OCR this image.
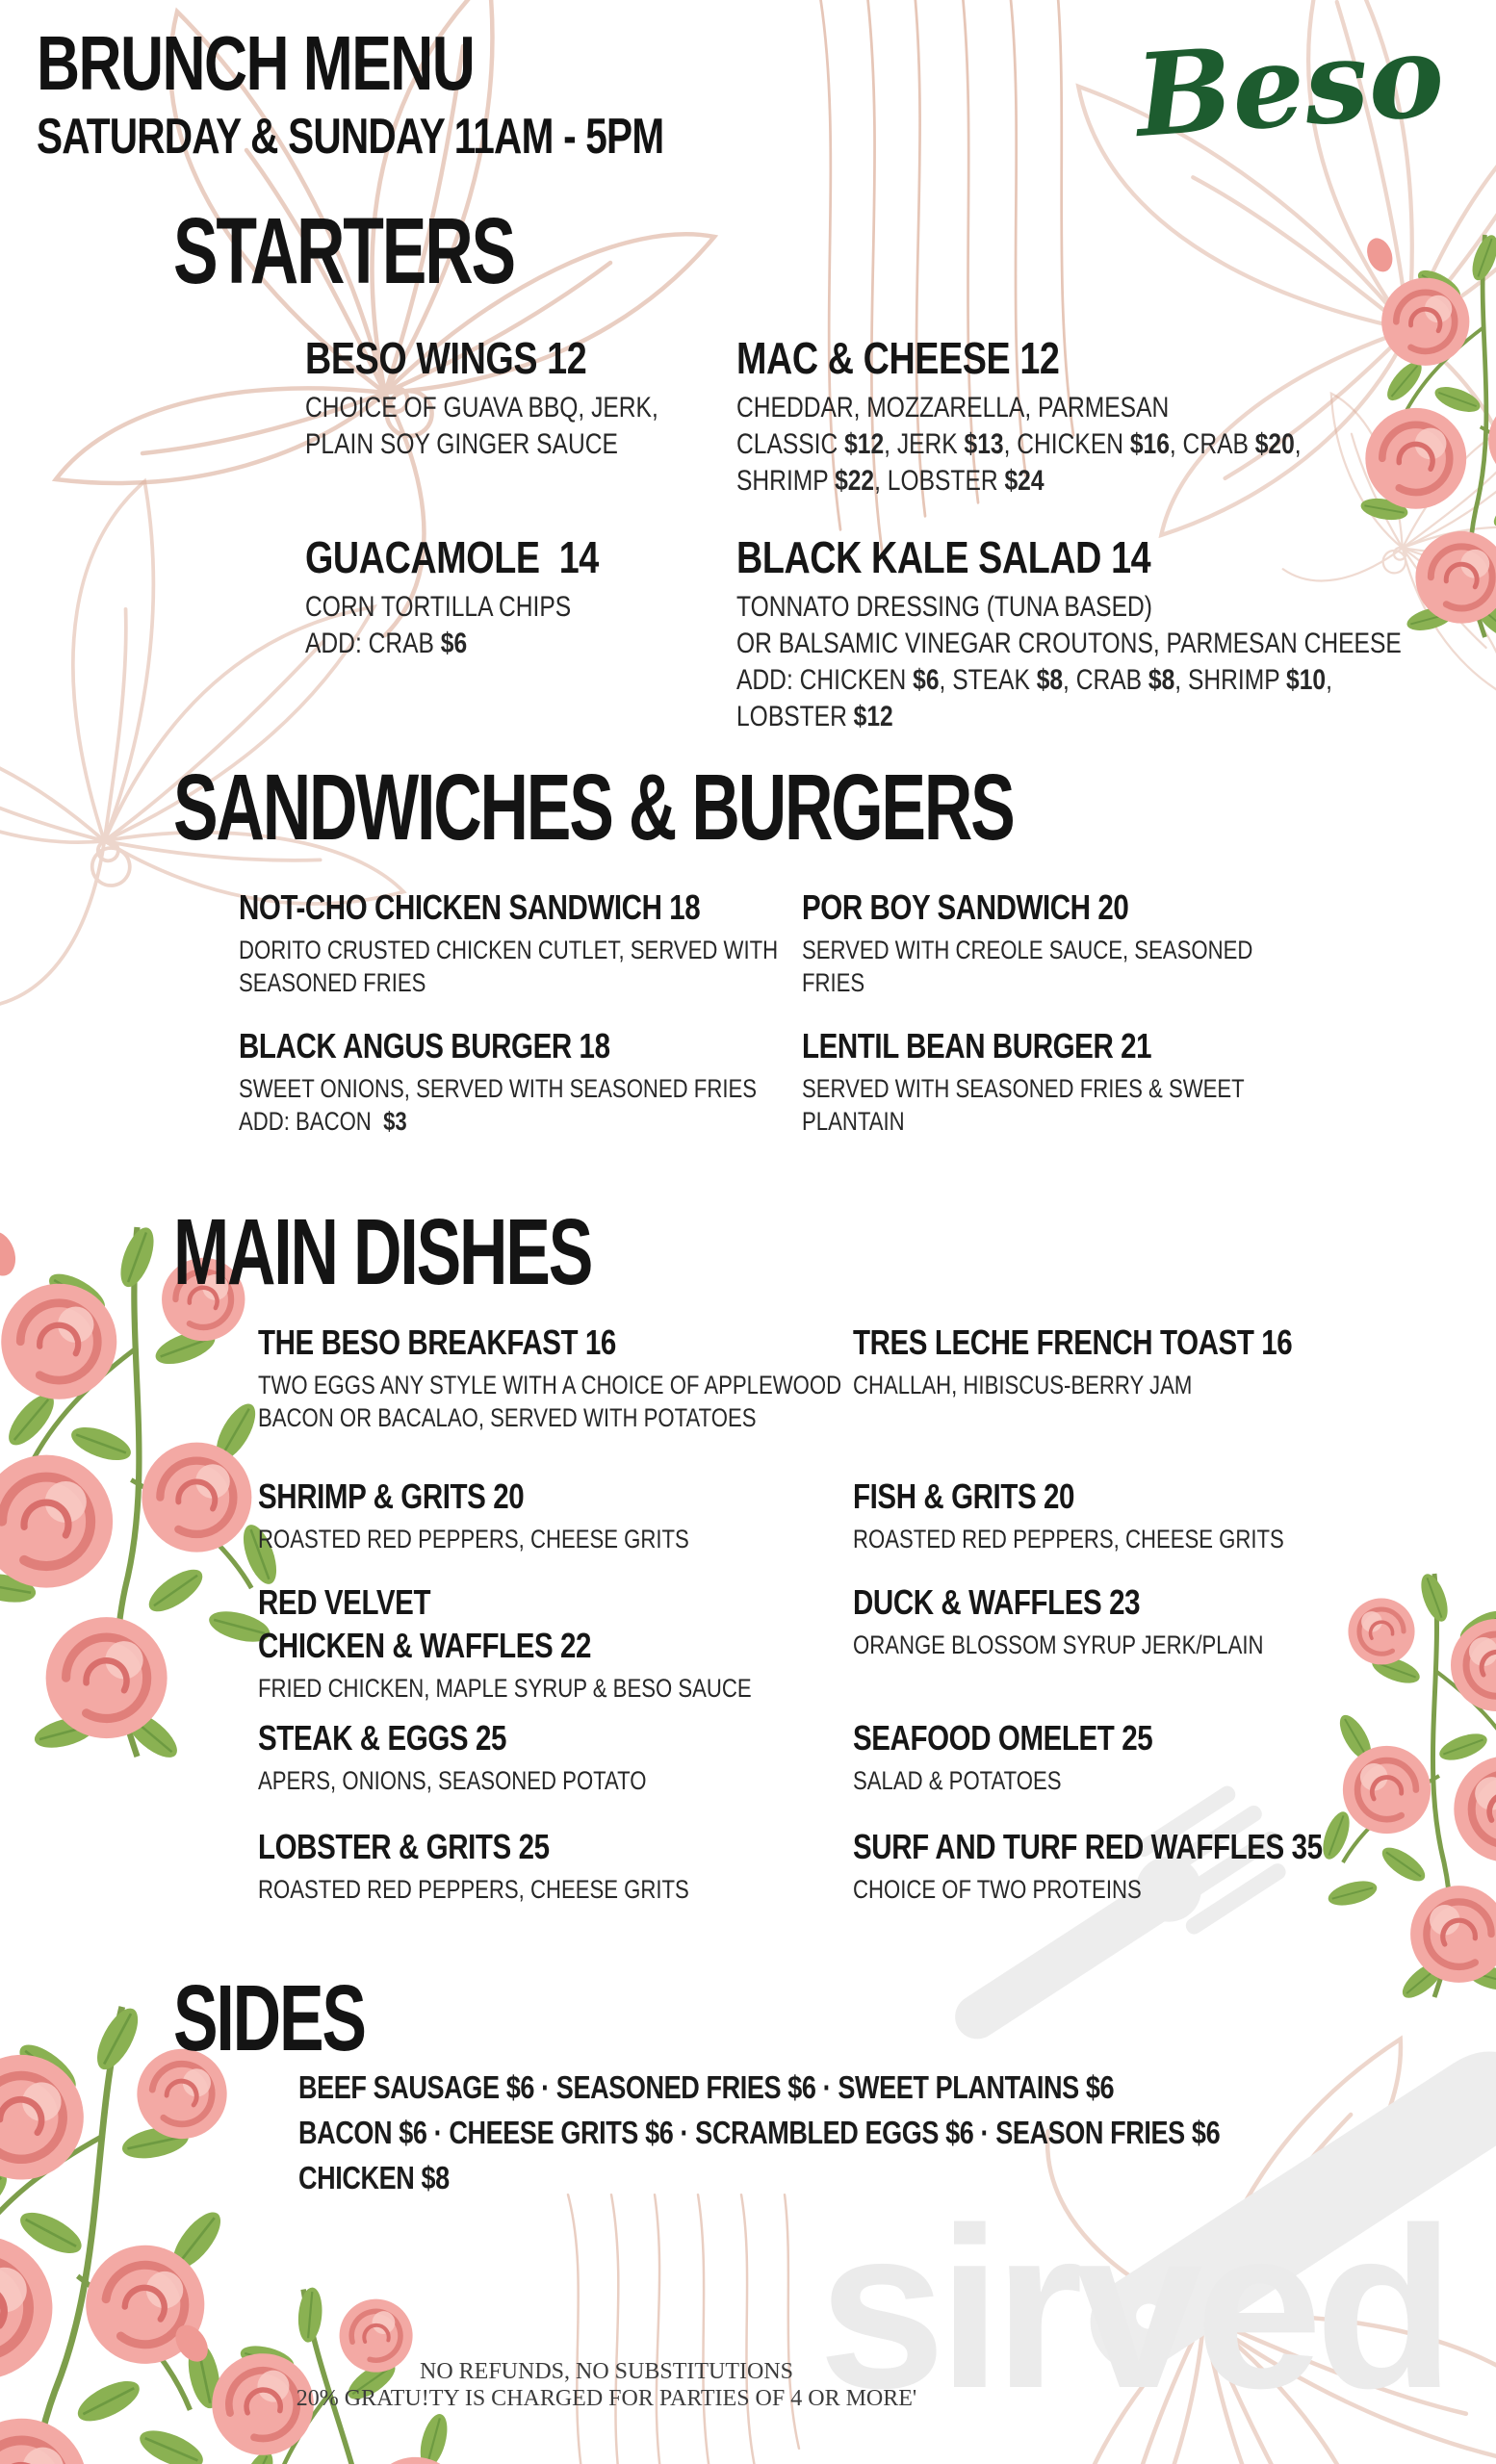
sirved
BRUNCH MENU
SATURDAY & SUNDAY 11AM - 5PM	Beso
STARTERS
BESO WINGS 12
CHOICE OF GUAVA BBQ, JERK,
PLAIN SOY GINGER SAUCE
MAC & CHEESE 12
CHEDDAR, MOZZARELLA, PARMESAN
CLASSIC $12, JERK $13, CHICKEN $16, CRAB $20,
SHRIMP $22, LOBSTER $24
GUACAMOLE  14
CORN TORTILLA CHIPS
ADD: CRAB $6
BLACK KALE SALAD 14
TONNATO DRESSING (TUNA BASED)
OR BALSAMIC VINEGAR CROUTONS, PARMESAN CHEESE
ADD: CHICKEN $6, STEAK $8, CRAB $8, SHRIMP $10,
LOBSTER $12
SANDWICHES & BURGERS
NOT-CHO CHICKEN SANDWICH 18
DORITO CRUSTED CHICKEN CUTLET, SERVED WITH
SEASONED FRIES
POR BOY SANDWICH 20
SERVED WITH CREOLE SAUCE, SEASONED
FRIES
BLACK ANGUS BURGER 18
SWEET ONIONS, SERVED WITH SEASONED FRIES
ADD: BACON  $3
LENTIL BEAN BURGER 21
SERVED WITH SEASONED FRIES & SWEET
PLANTAIN
MAIN DISHES
THE BESO BREAKFAST 16
TWO EGGS ANY STYLE WITH A CHOICE OF APPLEWOOD
BACON OR BACALAO, SERVED WITH POTATOES
TRES LECHE FRENCH TOAST 16
CHALLAH, HIBISCUS-BERRY JAM
SHRIMP & GRITS 20
ROASTED RED PEPPERS, CHEESE GRITS
FISH & GRITS 20
ROASTED RED PEPPERS, CHEESE GRITS
RED VELVET
CHICKEN & WAFFLES 22
FRIED CHICKEN, MAPLE SYRUP & BESO SAUCE
DUCK & WAFFLES 23
ORANGE BLOSSOM SYRUP JERK/PLAIN
STEAK & EGGS 25
APERS, ONIONS, SEASONED POTATO
SEAFOOD OMELET 25
SALAD & POTATOES
LOBSTER & GRITS 25
ROASTED RED PEPPERS, CHEESE GRITS
SURF AND TURF RED WAFFLES 35
CHOICE OF TWO PROTEINS
SIDES
BEEF SAUSAGE $6 · SEASONED FRIES $6 · SWEET PLANTAINS $6
BACON $6 · CHEESE GRITS $6 · SCRAMBLED EGGS $6 · SEASON FRIES $6
CHICKEN $8
NO REFUNDS, NO SUBSTITUTIONS
20% GRATU!TY IS CHARGED FOR PARTIES OF 4 OR MORE'
